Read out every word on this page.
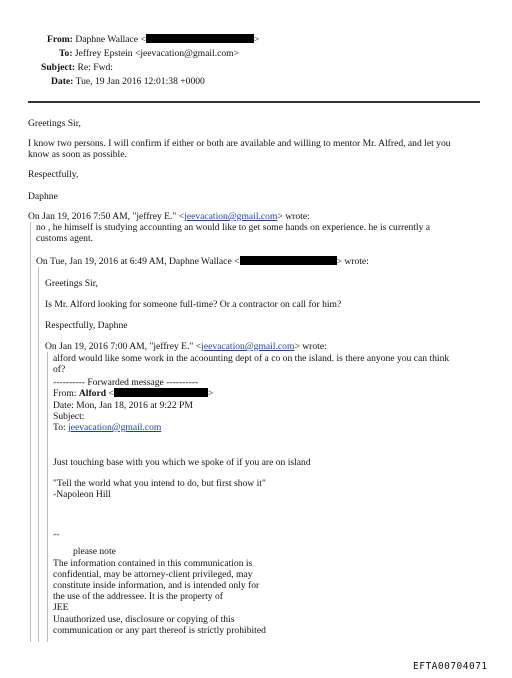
From: Daphne Wallace <	>
To: Jeffrey Epstein <jeevacation@gmail.com>
Subject: Re: Fwd:
Date: Tue, 19 Jan 2016 12:01:38 +0000
Greetings Sir,
I know two persons. I will confirm if either or both are available and willing to mentor Mr. Alfred, and let you
know as soon as possible.
Respectfully,
Daphne
On Jan 19, 2016 7:50 AM, "jeffrey E." <jeevacation@gmail.com> wrote:
no , he himself is studying accounting an would like to get some hands on experience. he is currently a
customs agent.
On Tue, Jan 19, 2016 at 6:49 AM, Daphne Wallace <	> wrote:
Greetings Sir,
Is Mr. Alford looking for someone full-time? Or a contractor on call for him?
Respectfully, Daphne
On Jan 19, 2016 7:00 AM, "jeffrey E." <jeevacation@gmail.com> wrote:
alford would like some work in the acoounting dept of a co on the island. is there anyone you can think
of?
---------- Forwarded message ----------
From: Alford <	>
Date: Mon, Jan 18, 2016 at 9:22 PM
Subject:
To: jeevacation@gmail.com
Just touching base with you which we spoke of if you are on island
"Tell the world what you intend to do, but first show it"
-Napoleon Hill
--
please note
The information contained in this communication is
confidential, may be attorney-client privileged, may
constitute inside information, and is intended only for
the use of the addressee. It is the property of
JEE
Unauthorized use, disclosure or copying of this
communication or any part thereof is strictly prohibited
EFTA00704071
